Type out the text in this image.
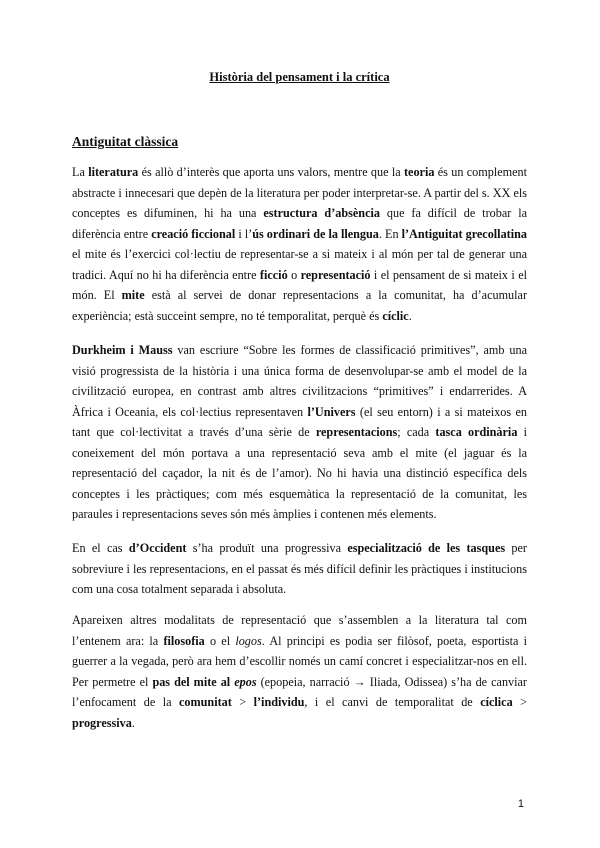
Història del pensament i la crítica
Antiguitat clàssica

La literatura és allò d’interès que aporta uns valors, mentre que la teoria és un complement abstracte i innecesari que depèn de la literatura per poder interpretar-se. A partir del s. XX els conceptes es difuminen, hi ha una estructura d’absència que fa difícil de trobar la diferència entre creació ficcional i l’ús ordinari de la llengua. En l’Antiguitat grecollatina el mite és l’exercici col·lectiu de representar-se a si mateix i al món per tal de generar una tradici. Aquí no hi ha diferència entre ficció o representació i el pensament de si mateix i el món. El mite està al servei de donar representacions a la comunitat, ha d’acumular experiència; està succeint sempre, no té temporalitat, perquè és cíclic.

Durkheim i Mauss van escriure “Sobre les formes de classificació primitives”, amb una visió progressista de la història i una única forma de desenvolupar-se amb el model de la civilització europea, en contrast amb altres civilitzacions “primitives” i endarrerides. A Àfrica i Oceania, els col·lectius representaven l’Univers (el seu entorn) i a si mateixos en tant que col·lectivitat a través d’una sèrie de representacions; cada tasca ordinària i coneixement del món portava a una representació seva amb el mite (el jaguar és la representació del caçador, la nit és de l’amor). No hi havia una distinció específica dels conceptes i les pràctiques; com més esquemàtica la representació de la comunitat, les paraules i representacions seves són més àmplies i contenen més elements.

En el cas d’Occident s’ha produït una progressiva especialització de les tasques per sobreviure i les representacions, en el passat és més difícil definir les pràctiques i institucions com una cosa totalment separada i absoluta.

Apareixen altres modalitats de representació que s’assemblen a la literatura tal com l’entenem ara: la filosofia o el logos. Al principi es podia ser filòsof, poeta, esportista i guerrer a la vegada, però ara hem d’escollir només un camí concret i especialitzar-nos en ell. Per permetre el pas del mite al epos (epopeia, narració → Iliada, Odissea) s’ha de canviar l’enfocament de la comunitat > l’individu, i el canvi de temporalitat de cíclica > progressiva.

1
